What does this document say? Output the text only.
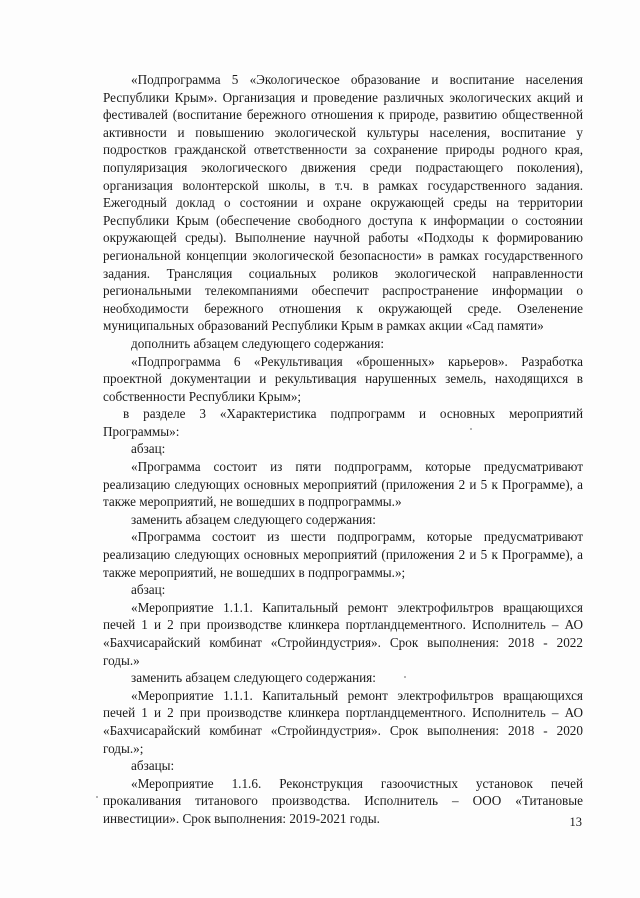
«Подпрограмма 5 «Экологическое образование и воспитание населения Республики Крым». Организация и проведение различных экологических акций и фестивалей (воспитание бережного отношения к природе, развитию общественной активности и повышению экологической культуры населения, воспитание у подростков гражданской ответственности за сохранение природы родного края, популяризация экологического движения среди подрастающего поколения), организация волонтерской школы, в т.ч. в рамках государственного задания. Ежегодный доклад о состоянии и охране окружающей среды на территории Республики Крым (обеспечение свободного доступа к информации о состоянии окружающей среды). Выполнение научной работы «Подходы к формированию региональной концепции экологической безопасности» в рамках государственного задания. Трансляция социальных роликов экологической направленности региональными телекомпаниями обеспечит распространение информации о необходимости бережного отношения к окружающей среде. Озеленение муниципальных образований Республики Крым в рамках акции «Сад памяти»

дополнить абзацем следующего содержания:

«Подпрограмма 6 «Рекультивация «брошенных» карьеров». Разработка проектной документации и рекультивация нарушенных земель, находящихся в собственности Республики Крым»;

в разделе 3 «Характеристика подпрограмм и основных мероприятий Программы»:

абзац:

«Программа состоит из пяти подпрограмм, которые предусматривают реализацию следующих основных мероприятий (приложения 2 и 5 к Программе), а также мероприятий, не вошедших в подпрограммы.»

заменить абзацем следующего содержания:

«Программа состоит из шести подпрограмм, которые предусматривают реализацию следующих основных мероприятий (приложения 2 и 5 к Программе), а также мероприятий, не вошедших в подпрограммы.»;

абзац:

«Мероприятие 1.1.1. Капитальный ремонт электрофильтров вращающихся печей 1 и 2 при производстве клинкера портландцементного. Исполнитель – АО «Бахчисарайский комбинат «Стройиндустрия». Срок выполнения: 2018 - 2022 годы.»

заменить абзацем следующего содержания:

«Мероприятие 1.1.1. Капитальный ремонт электрофильтров вращающихся печей 1 и 2 при производстве клинкера портландцементного. Исполнитель – АО «Бахчисарайский комбинат «Стройиндустрия». Срок выполнения: 2018 - 2020 годы.»;

абзацы:

«Мероприятие 1.1.6. Реконструкция газоочистных установок печей прокаливания титанового производства. Исполнитель – ООО «Титановые инвестиции». Срок выполнения: 2019-2021 годы.	13
